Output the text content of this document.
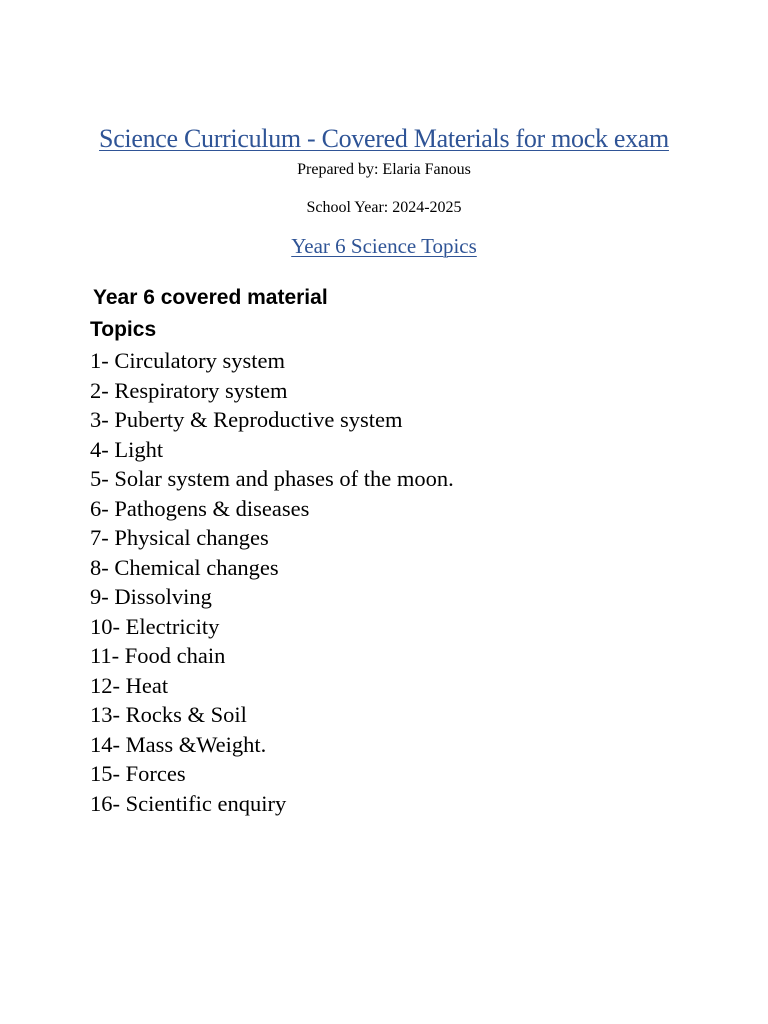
Science Curriculum - Covered Materials for mock exam
Prepared by: Elaria Fanous
School Year: 2024-2025
Year 6 Science Topics
Year 6 covered material
Topics
1- Circulatory system
2- Respiratory system
3- Puberty & Reproductive system
4- Light
5- Solar system and phases of the moon.
6- Pathogens & diseases
7- Physical changes
8- Chemical changes
9- Dissolving
10- Electricity
11- Food chain
12- Heat
13- Rocks & Soil
14- Mass &Weight.
15- Forces
16- Scientific enquiry
